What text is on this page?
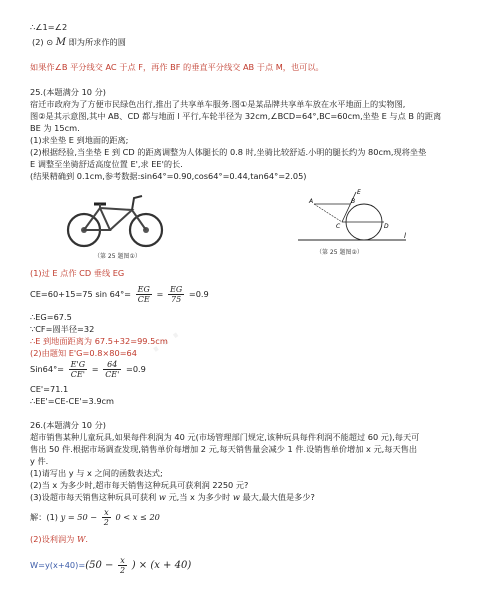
⋯
∴∠1=∠2
(2) ⊙ M 即为所求作的圆
如果作∠B 平分线交 AC 于点 F，再作 BF 的垂直平分线交 AB 于点 M，也可以。
25.(本题满分 10 分)
宿迁市政府为了方便市民绿色出行,推出了共享单车服务.图①是某品牌共享单车放在水平地面上的实物图,
图②是其示意图,其中 AB、CD 都与地面 l 平行,车轮半径为 32cm,∠BCD=64°,BC=60cm,坐垫 E 与点 B 的距离
BE 为 15cm.
(1)求坐垫 E 到地面的距离;
(2)根据经验,当坐垫 E 到 CD 的距离调整为人体腿长的 0.8 时,坐骑比较舒适.小明的腿长约为 80cm,现将坐垫
E 调整至坐骑舒适高度位置 E',求 EE'的长.
(结果精确到 0.1cm,参考数据:sin64°=0.90,cos64°=0.44,tan64°=2.05)
（第 25 题图①）
l
E
B
A
C	D
（第 25 题图②）
(1)过 E 点作 CD 垂线 EG
CE=60+15=75 $\sin 64^\circ= \frac{EG}{CE} = \frac{EG}{75} =0.9$
∴EG=67.5
∵CF=圆半径=32
∴E 到地面距离为 67.5+32=99.5cm
(2)由题知 E'G=0.8×80=64
$Sin64^\circ= \frac{E'G}{CE'} = \frac{64}{CE'} =0.9$
CE'=71.1
∴EE'=CE-CE'=3.9cm
26.(本题满分 10 分)
超市销售某种儿童玩具,如果每件利润为 40 元(市场管理部门规定,该种玩具每件利润不能超过 60 元),每天可
售出 50 件.根据市场调查发现,销售单价每增加 2 元,每天销售量会减少 1 件.设销售单价增加 x 元,每天售出
y 件.
(1)请写出 y 与 x 之间的函数表达式;
(2)当 x 为多少时,超市每天销售这种玩具可获利润 2250 元?
(3)设超市每天销售这种玩具可获利 w 元,当 x 为多少时 w 最大,最大值是多少?
解：(1) $y = 50 - \frac{x}{2} 0 < x \le 20$
(2)设利润为 W.
$W=y(x+40)=(50 - \frac{x}{2}$ ) × (x + 40)
